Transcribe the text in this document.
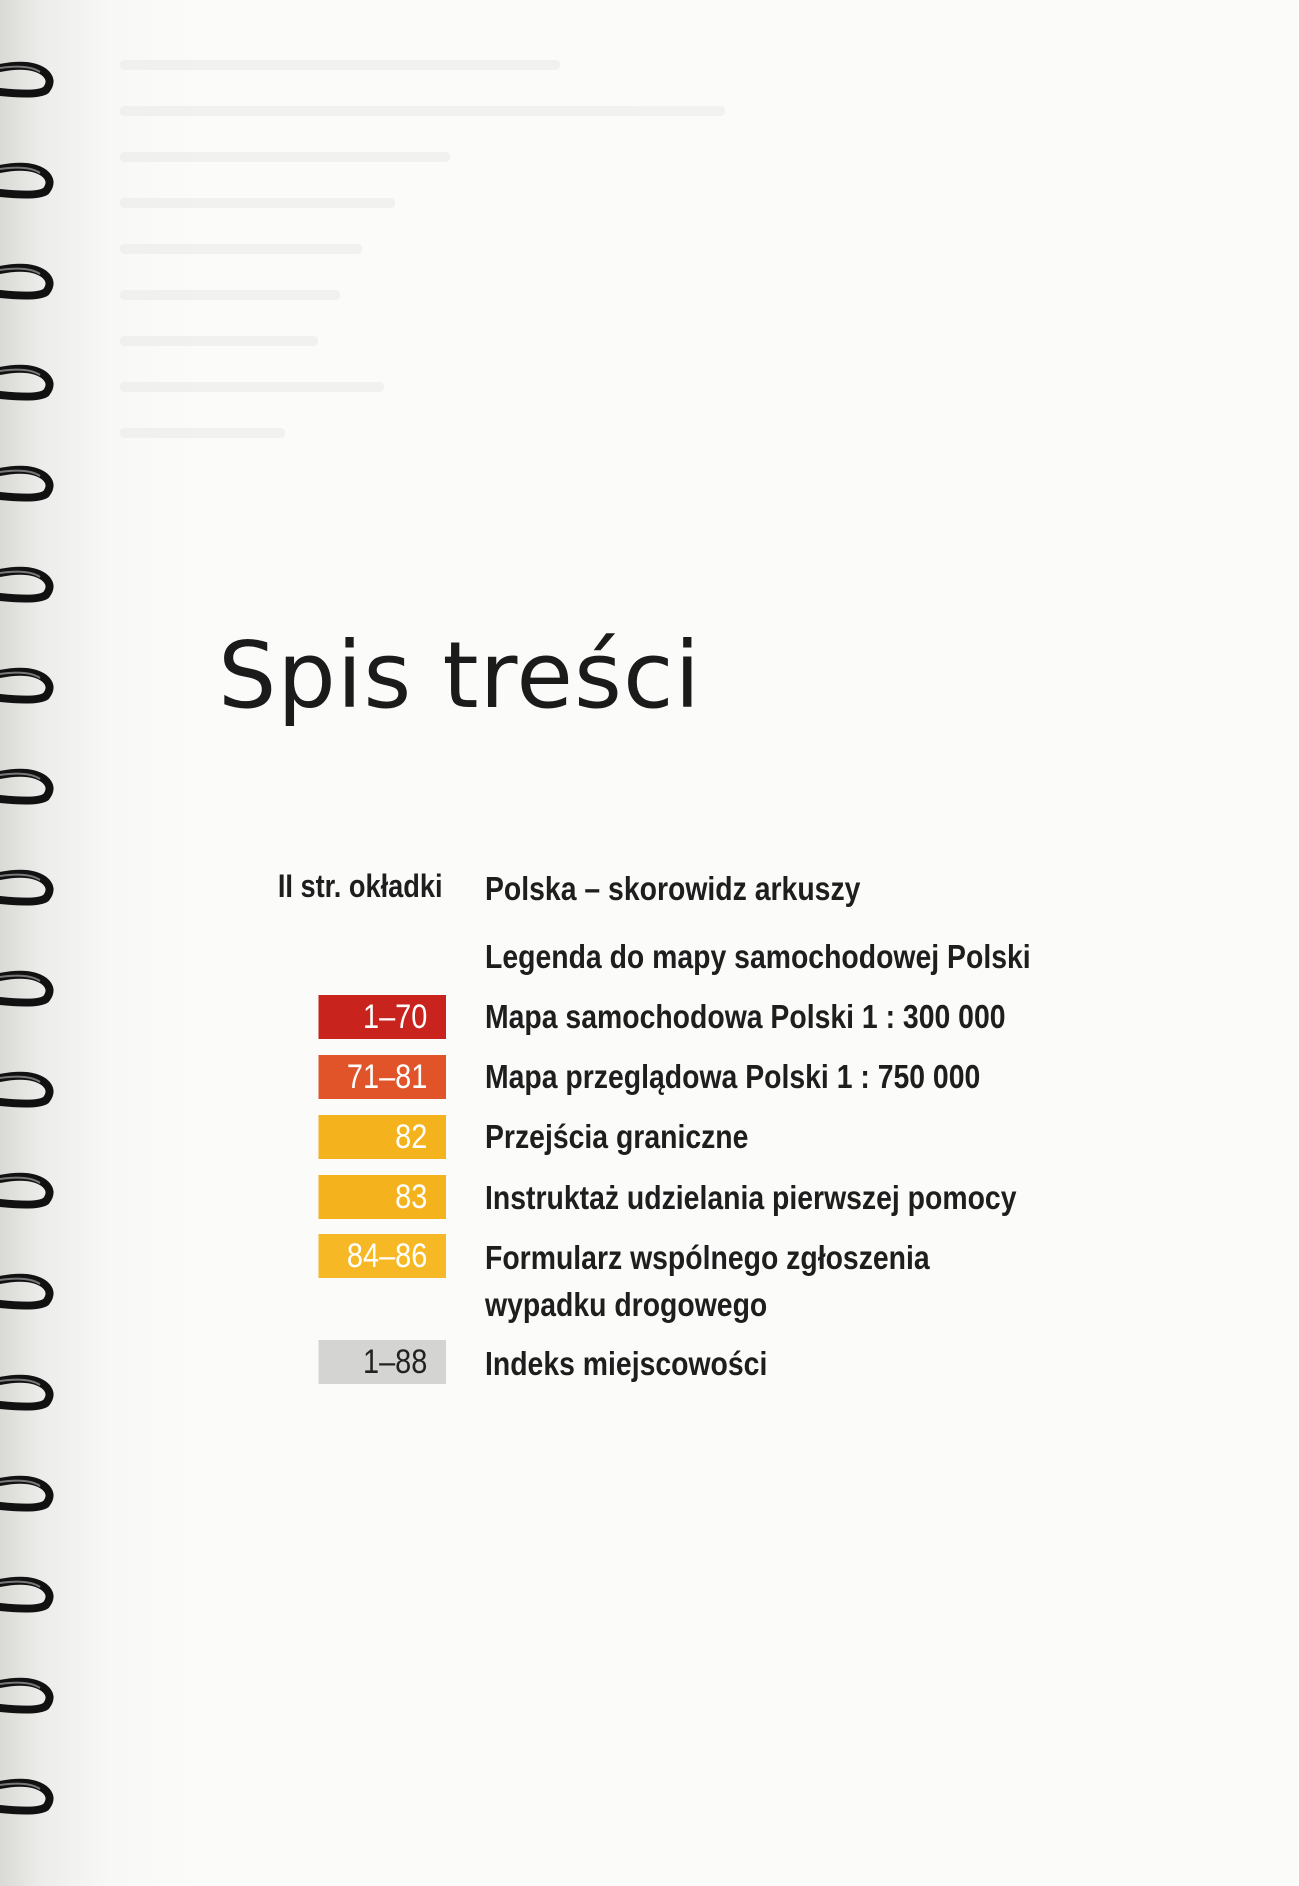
Spis treści
II str. okładki Polska – skorowidz arkuszy
Legenda do mapy samochodowej Polski
1–70	Mapa samochodowa Polski 1 : 300 000
71–81	Mapa przeglądowa Polski 1 : 750 000
82	Przejścia graniczne
83	Instruktaż udzielania pierwszej pomocy
84–86	Formularz wspólnego zgłoszenia
wypadku drogowego
1–88	Indeks miejscowości
